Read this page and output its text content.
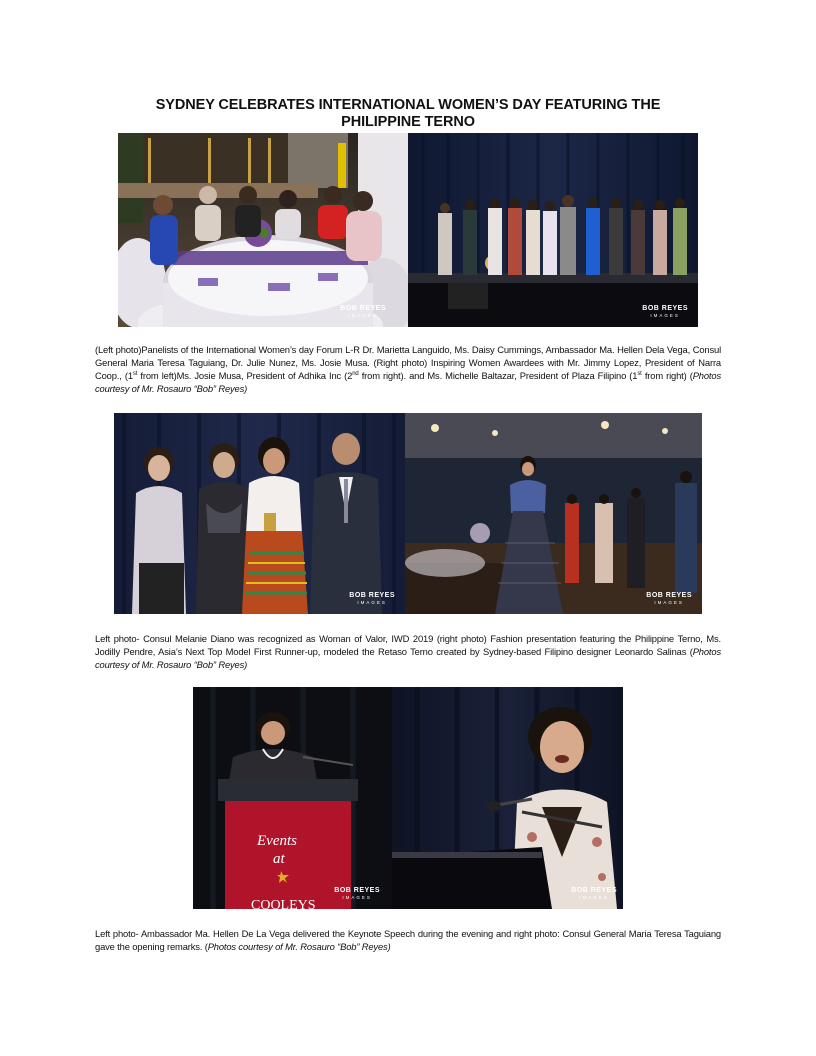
SYDNEY CELEBRATES INTERNATIONAL WOMEN’S DAY FEATURING THE
PHILIPPINE TERNO
BOB REYES
IMAGES
BOB REYES
IMAGES
(Left photo)Panelists of the International Women’s day Forum L-R Dr. Marietta Languido, Ms. Daisy Cummings, Ambassador Ma. Hellen Dela Vega, Consul General Maria Teresa Taguiang, Dr. Julie Nunez, Ms. Josie Musa. (Right photo) Inspiring Women Awardees with Mr. Jimmy Lopez, President of Narra Coop., (1st from left)Ms. Josie Musa, President of Adhika Inc (2nd from right). and Ms. Michelle Baltazar, President of Plaza Filipino (1st from right) (Photos courtesy of Mr. Rosauro “Bob” Reyes)
BOB REYES
IMAGES
BOB REYES
IMAGES
Left photo- Consul Melanie Diano was recognized as Woman of Valor, IWD 2019 (right photo) Fashion presentation featuring the Philippine Terno, Ms. Jodilly Pendre, Asia’s Next Top Model First Runner-up, modeled the Retaso Terno created by Sydney-based Filipino designer Leonardo Salinas (Photos courtesy of Mr. Rosauro “Bob” Reyes)
Events
at
COOLEYS
BOB REYES
IMAGES
BOB REYES
IMAGES
Left photo- Ambassador Ma. Hellen De La Vega delivered the Keynote Speech during the evening and right photo: Consul General Maria Teresa Taguiang gave the opening remarks. (Photos courtesy of Mr. Rosauro “Bob” Reyes)
